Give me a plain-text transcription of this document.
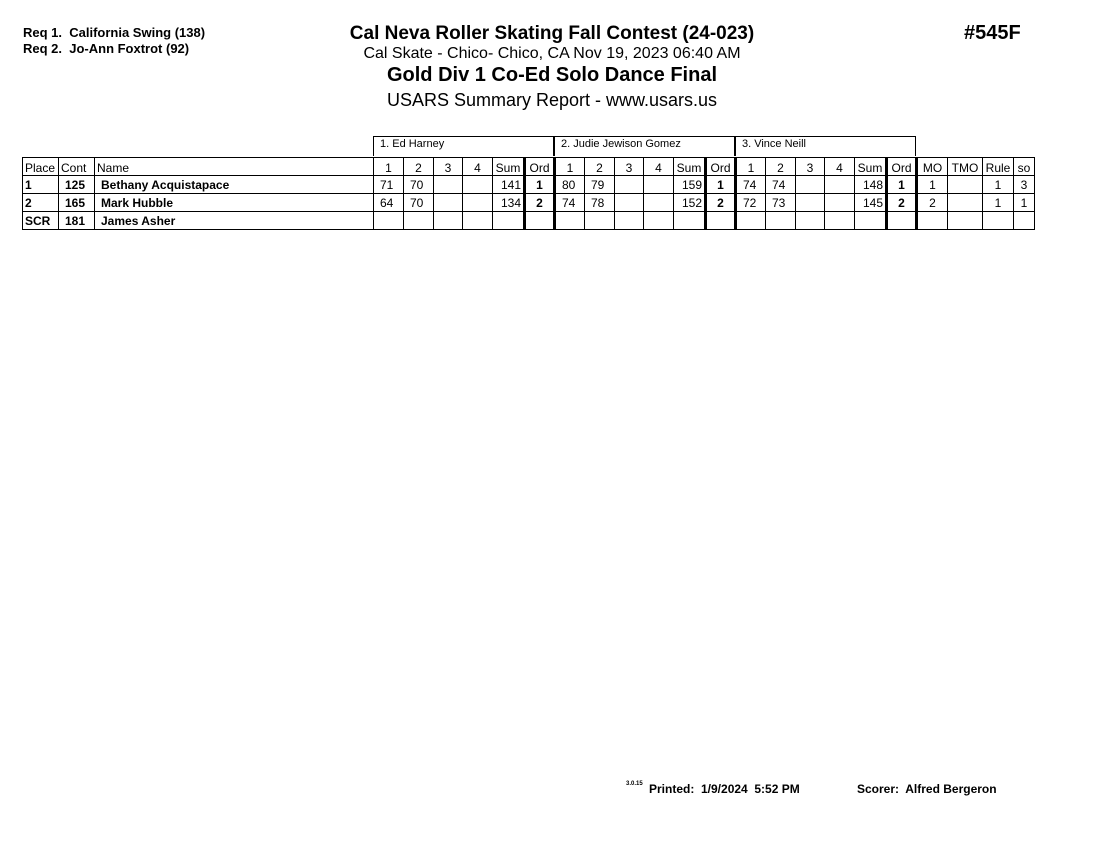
Req 1.  California Swing (138)
Req 2.  Jo-Ann Foxtrot (92)
#545F
Cal Neva Roller Skating Fall Contest (24-023)
Cal Skate - Chico- Chico, CA Nov 19, 2023 06:40 AM
Gold Div 1 Co-Ed Solo Dance Final
USARS Summary Report - www.usars.us
1. Ed Harney	2. Judie Jewison Gomez	3. Vince Neill
Place	Cont	Name	1	2	3	4	Sum	Ord	1	2	3	4	Sum	Ord	1	2	3	4	Sum	Ord	MO	TMO	Rule	so
1	125	Bethany Acquistapace	71	70			141	1	80	79			159	1	74	74			148	1	1		1	3
2	165	Mark Hubble	64	70			134	2	74	78			152	2	72	73			145	2	2		1	1
SCR	181	James Asher																						
3.0.15 Printed:  1/9/2024  5:52 PM	Scorer:  Alfred Bergeron
